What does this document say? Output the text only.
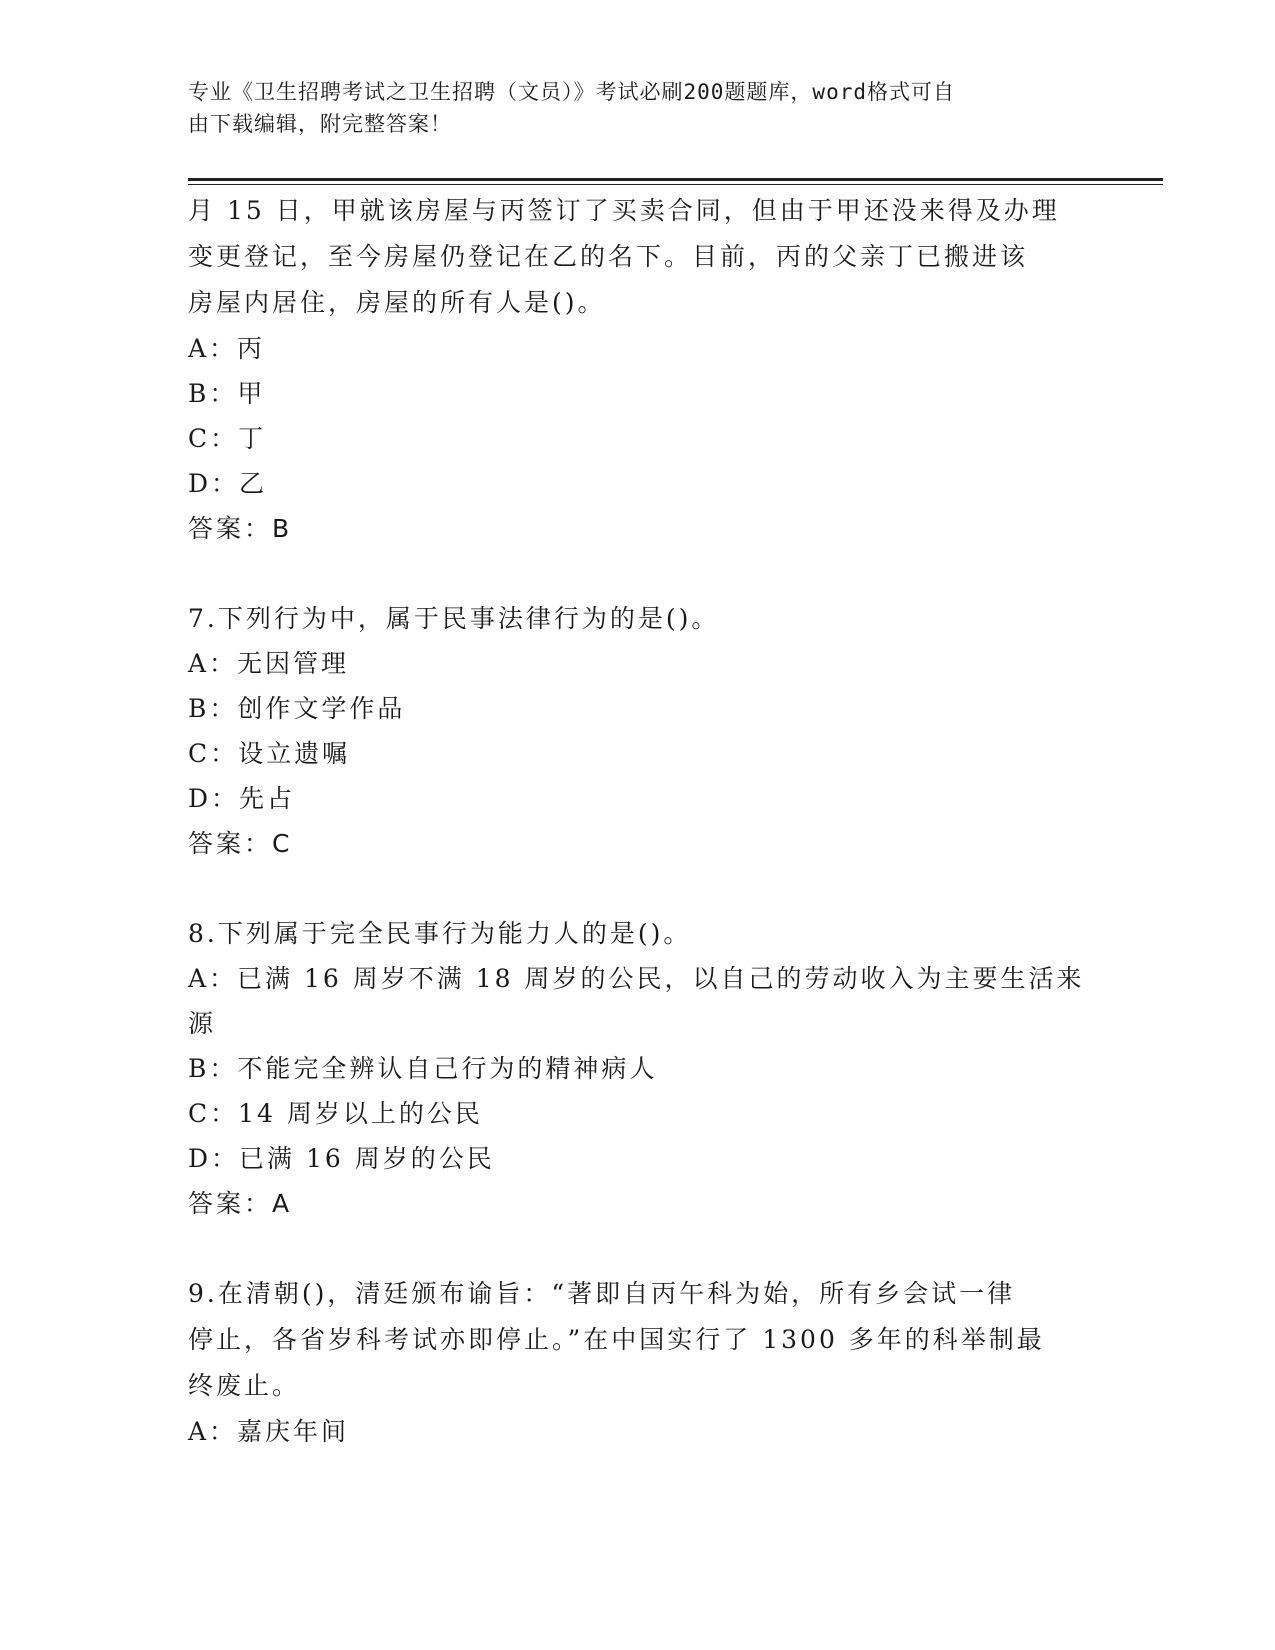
专业《卫生招聘考试之卫生招聘（文员）》考试必刷200题题库，word格式可自
由下载编辑，附完整答案！

月 15 日，甲就该房屋与丙签订了买卖合同，但由于甲还没来得及办理

变更登记，至今房屋仍登记在乙的名下。目前，丙的父亲丁已搬进该

房屋内居住，房屋的所有人是()。

A：丙

B：甲

C：丁

D：乙

答案：B

7.下列行为中，属于民事法律行为的是()。

A：无因管理

B：创作文学作品

C：设立遗嘱

D：先占

答案：C

8.下列属于完全民事行为能力人的是()。

A：已满 16 周岁不满 18 周岁的公民，以自己的劳动收入为主要生活来

源

B：不能完全辨认自己行为的精神病人

C：14 周岁以上的公民

D：已满 16 周岁的公民

答案：A

9.在清朝()，清廷颁布谕旨：“著即自丙午科为始，所有乡会试一律

停止，各省岁科考试亦即停止。”在中国实行了 1300 多年的科举制最

终废止。

A：嘉庆年间
